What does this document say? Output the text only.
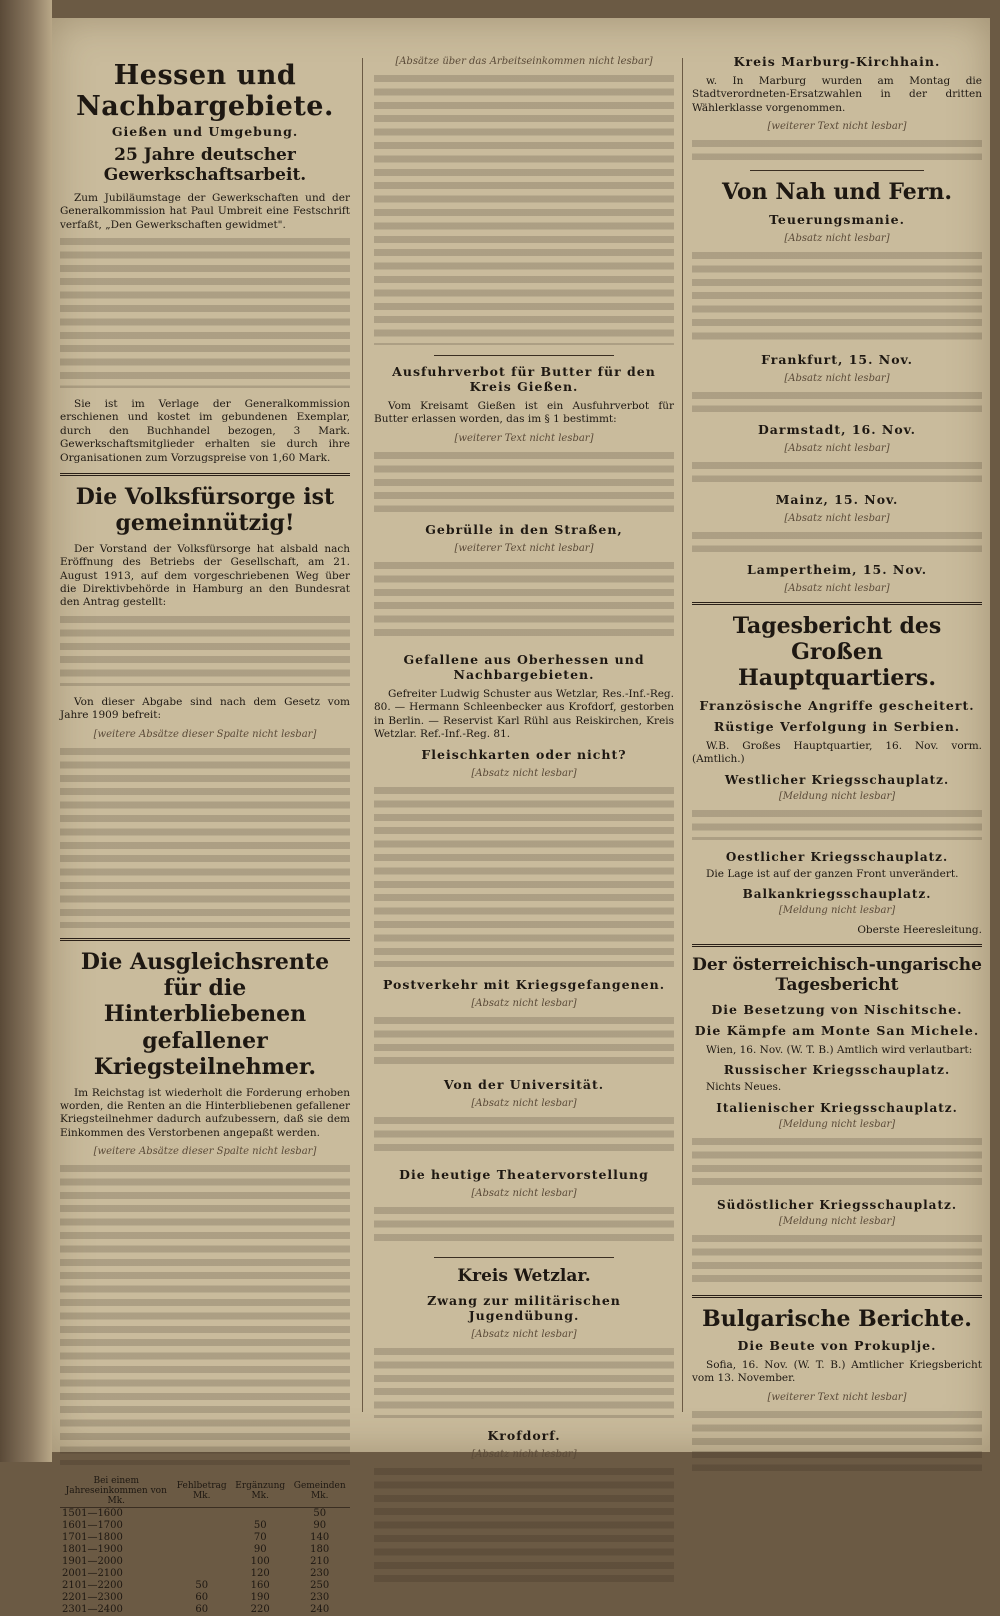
Hessen und Nachbargebiete.
Gießen und Umgebung.
25 Jahre deutscher Gewerkschaftsarbeit.

Zum Jubiläumstage der Gewerkschaften und der Generalkommission hat Paul Umbreit eine Festschrift verfaßt, „Den Gewerkschaften gewidmet".

Sie ist im Verlage der Generalkommission erschienen und kostet im gebundenen Exemplar, durch den Buchhandel bezogen, 3 Mark. Gewerkschaftsmitglieder erhalten sie durch ihre Organisationen zum Vorzugspreise von 1,60 Mark.

Die Volksfürsorge ist gemeinnützig!

Der Vorstand der Volksfürsorge hat alsbald nach Eröffnung des Betriebs der Gesellschaft, am 21. August 1913, auf dem vorgeschriebenen Weg über die Direktivbehörde in Hamburg an den Bundesrat den Antrag gestellt:

Von dieser Abgabe sind nach dem Gesetz vom Jahre 1909 befreit:

[weitere Absätze dieser Spalte nicht lesbar]
Die Ausgleichsrente für die Hinterbliebenen gefallener Kriegsteilnehmer.

Im Reichstag ist wiederholt die Forderung erhoben worden, die Renten an die Hinterbliebenen gefallener Kriegsteilnehmer dadurch aufzubessern, daß sie dem Einkommen des Verstorbenen angepaßt werden.

[weitere Absätze dieser Spalte nicht lesbar]
Bei einem Jahreseinkommen von Mk.	Fehlbetrag Mk.	Ergänzung Mk.	Gemeinden Mk.
1501—1600			50
1601—1700		50	90
1701—1800		70	140
1801—1900		90	180
1901—2000		100	210
2001—2100		120	230
2101—2200	50	160	250
2201—2300	60	190	230
2301—2400	60	220	240
[Absätze über das Arbeitseinkommen nicht lesbar]
Ausfuhrverbot für Butter für den Kreis Gießen.

Vom Kreisamt Gießen ist ein Ausfuhrverbot für Butter erlassen worden, das im § 1 bestimmt:

[weiterer Text nicht lesbar]
Gebrülle in den Straßen,
[weiterer Text nicht lesbar]
Gefallene aus Oberhessen und Nachbargebieten.

Gefreiter Ludwig Schuster aus Wetzlar, Res.-Inf.-Reg. 80. — Hermann Schleenbecker aus Krofdorf, gestorben in Berlin. — Reservist Karl Rühl aus Reiskirchen, Kreis Wetzlar. Ref.-Inf.-Reg. 81.

Fleischkarten oder nicht?
[Absatz nicht lesbar]
Postverkehr mit Kriegsgefangenen.
[Absatz nicht lesbar]
Von der Universität.
[Absatz nicht lesbar]
Die heutige Theatervorstellung
[Absatz nicht lesbar]
Kreis Wetzlar.
Zwang zur militärischen Jugendübung.
[Absatz nicht lesbar]
Krofdorf.
[Absatz nicht lesbar]
Kreis Marburg-Kirchhain.

w. In Marburg wurden am Montag die Stadtverordneten-Ersatzwahlen in der dritten Wählerklasse vorgenommen.

[weiterer Text nicht lesbar]
Von Nah und Fern.
Teuerungsmanie.
[Absatz nicht lesbar]
Frankfurt, 15. Nov.
[Absatz nicht lesbar]
Darmstadt, 16. Nov.
[Absatz nicht lesbar]
Mainz, 15. Nov.
[Absatz nicht lesbar]
Lampertheim, 15. Nov.
[Absatz nicht lesbar]
Tagesbericht des Großen Hauptquartiers.
Französische Angriffe gescheitert.
Rüstige Verfolgung in Serbien.

W.B. Großes Hauptquartier, 16. Nov. vorm. (Amtlich.)

Westlicher Kriegsschauplatz.
[Meldung nicht lesbar]
Oestlicher Kriegsschauplatz.

Die Lage ist auf der ganzen Front unverändert.

Balkankriegsschauplatz.
[Meldung nicht lesbar]
Oberste Heeresleitung.
Der österreichisch-ungarische Tagesbericht
Die Besetzung von Nischitsche.
Die Kämpfe am Monte San Michele.

Wien, 16. Nov. (W. T. B.) Amtlich wird verlautbart:

Russischer Kriegsschauplatz.

Nichts Neues.

Italienischer Kriegsschauplatz.
[Meldung nicht lesbar]
Südöstlicher Kriegsschauplatz.
[Meldung nicht lesbar]
Bulgarische Berichte.
Die Beute von Prokuplje.

Sofia, 16. Nov. (W. T. B.) Amtlicher Kriegsbericht vom 13. November.

[weiterer Text nicht lesbar]
